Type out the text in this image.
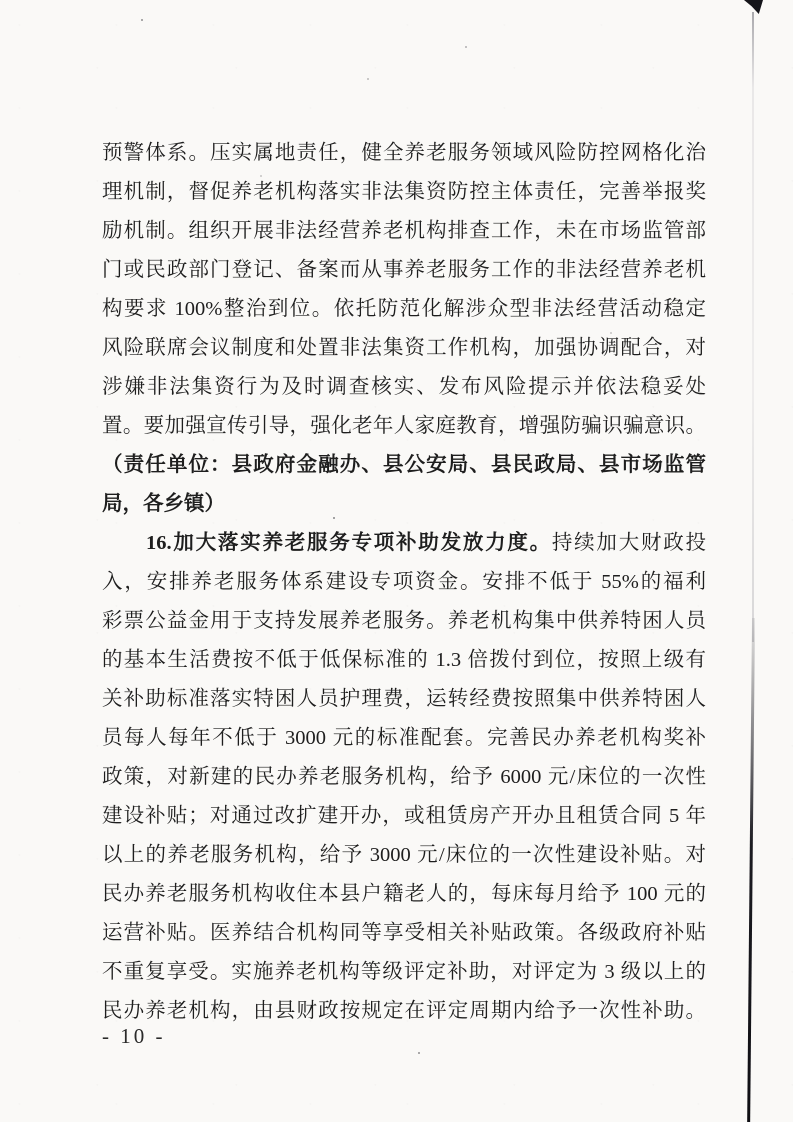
预警体系。压实属地责任，健全养老服务领域风险防控网格化治
理机制，督促养老机构落实非法集资防控主体责任，完善举报奖
励机制。组织开展非法经营养老机构排查工作，未在市场监管部
门或民政部门登记、备案而从事养老服务工作的非法经营养老机
构要求 100%整治到位。依托防范化解涉众型非法经营活动稳定
风险联席会议制度和处置非法集资工作机构，加强协调配合，对
涉嫌非法集资行为及时调查核实、发布风险提示并依法稳妥处
置。要加强宣传引导，强化老年人家庭教育，增强防骗识骗意识。
（责任单位：县政府金融办、县公安局、县民政局、县市场监管
局，各乡镇）
16.加大落实养老服务专项补助发放力度。持续加大财政投
入，安排养老服务体系建设专项资金。安排不低于 55%的福利
彩票公益金用于支持发展养老服务。养老机构集中供养特困人员
的基本生活费按不低于低保标准的 1.3 倍拨付到位，按照上级有
关补助标准落实特困人员护理费，运转经费按照集中供养特困人
员每人每年不低于 3000 元的标准配套。完善民办养老机构奖补
政策，对新建的民办养老服务机构，给予 6000 元/床位的一次性
建设补贴；对通过改扩建开办，或租赁房产开办且租赁合同 5 年
以上的养老服务机构，给予 3000 元/床位的一次性建设补贴。对
民办养老服务机构收住本县户籍老人的，每床每月给予 100 元的
运营补贴。医养结合机构同等享受相关补贴政策。各级政府补贴
不重复享受。实施养老机构等级评定补助，对评定为 3 级以上的
民办养老机构，由县财政按规定在评定周期内给予一次性补助。
- 10 -
